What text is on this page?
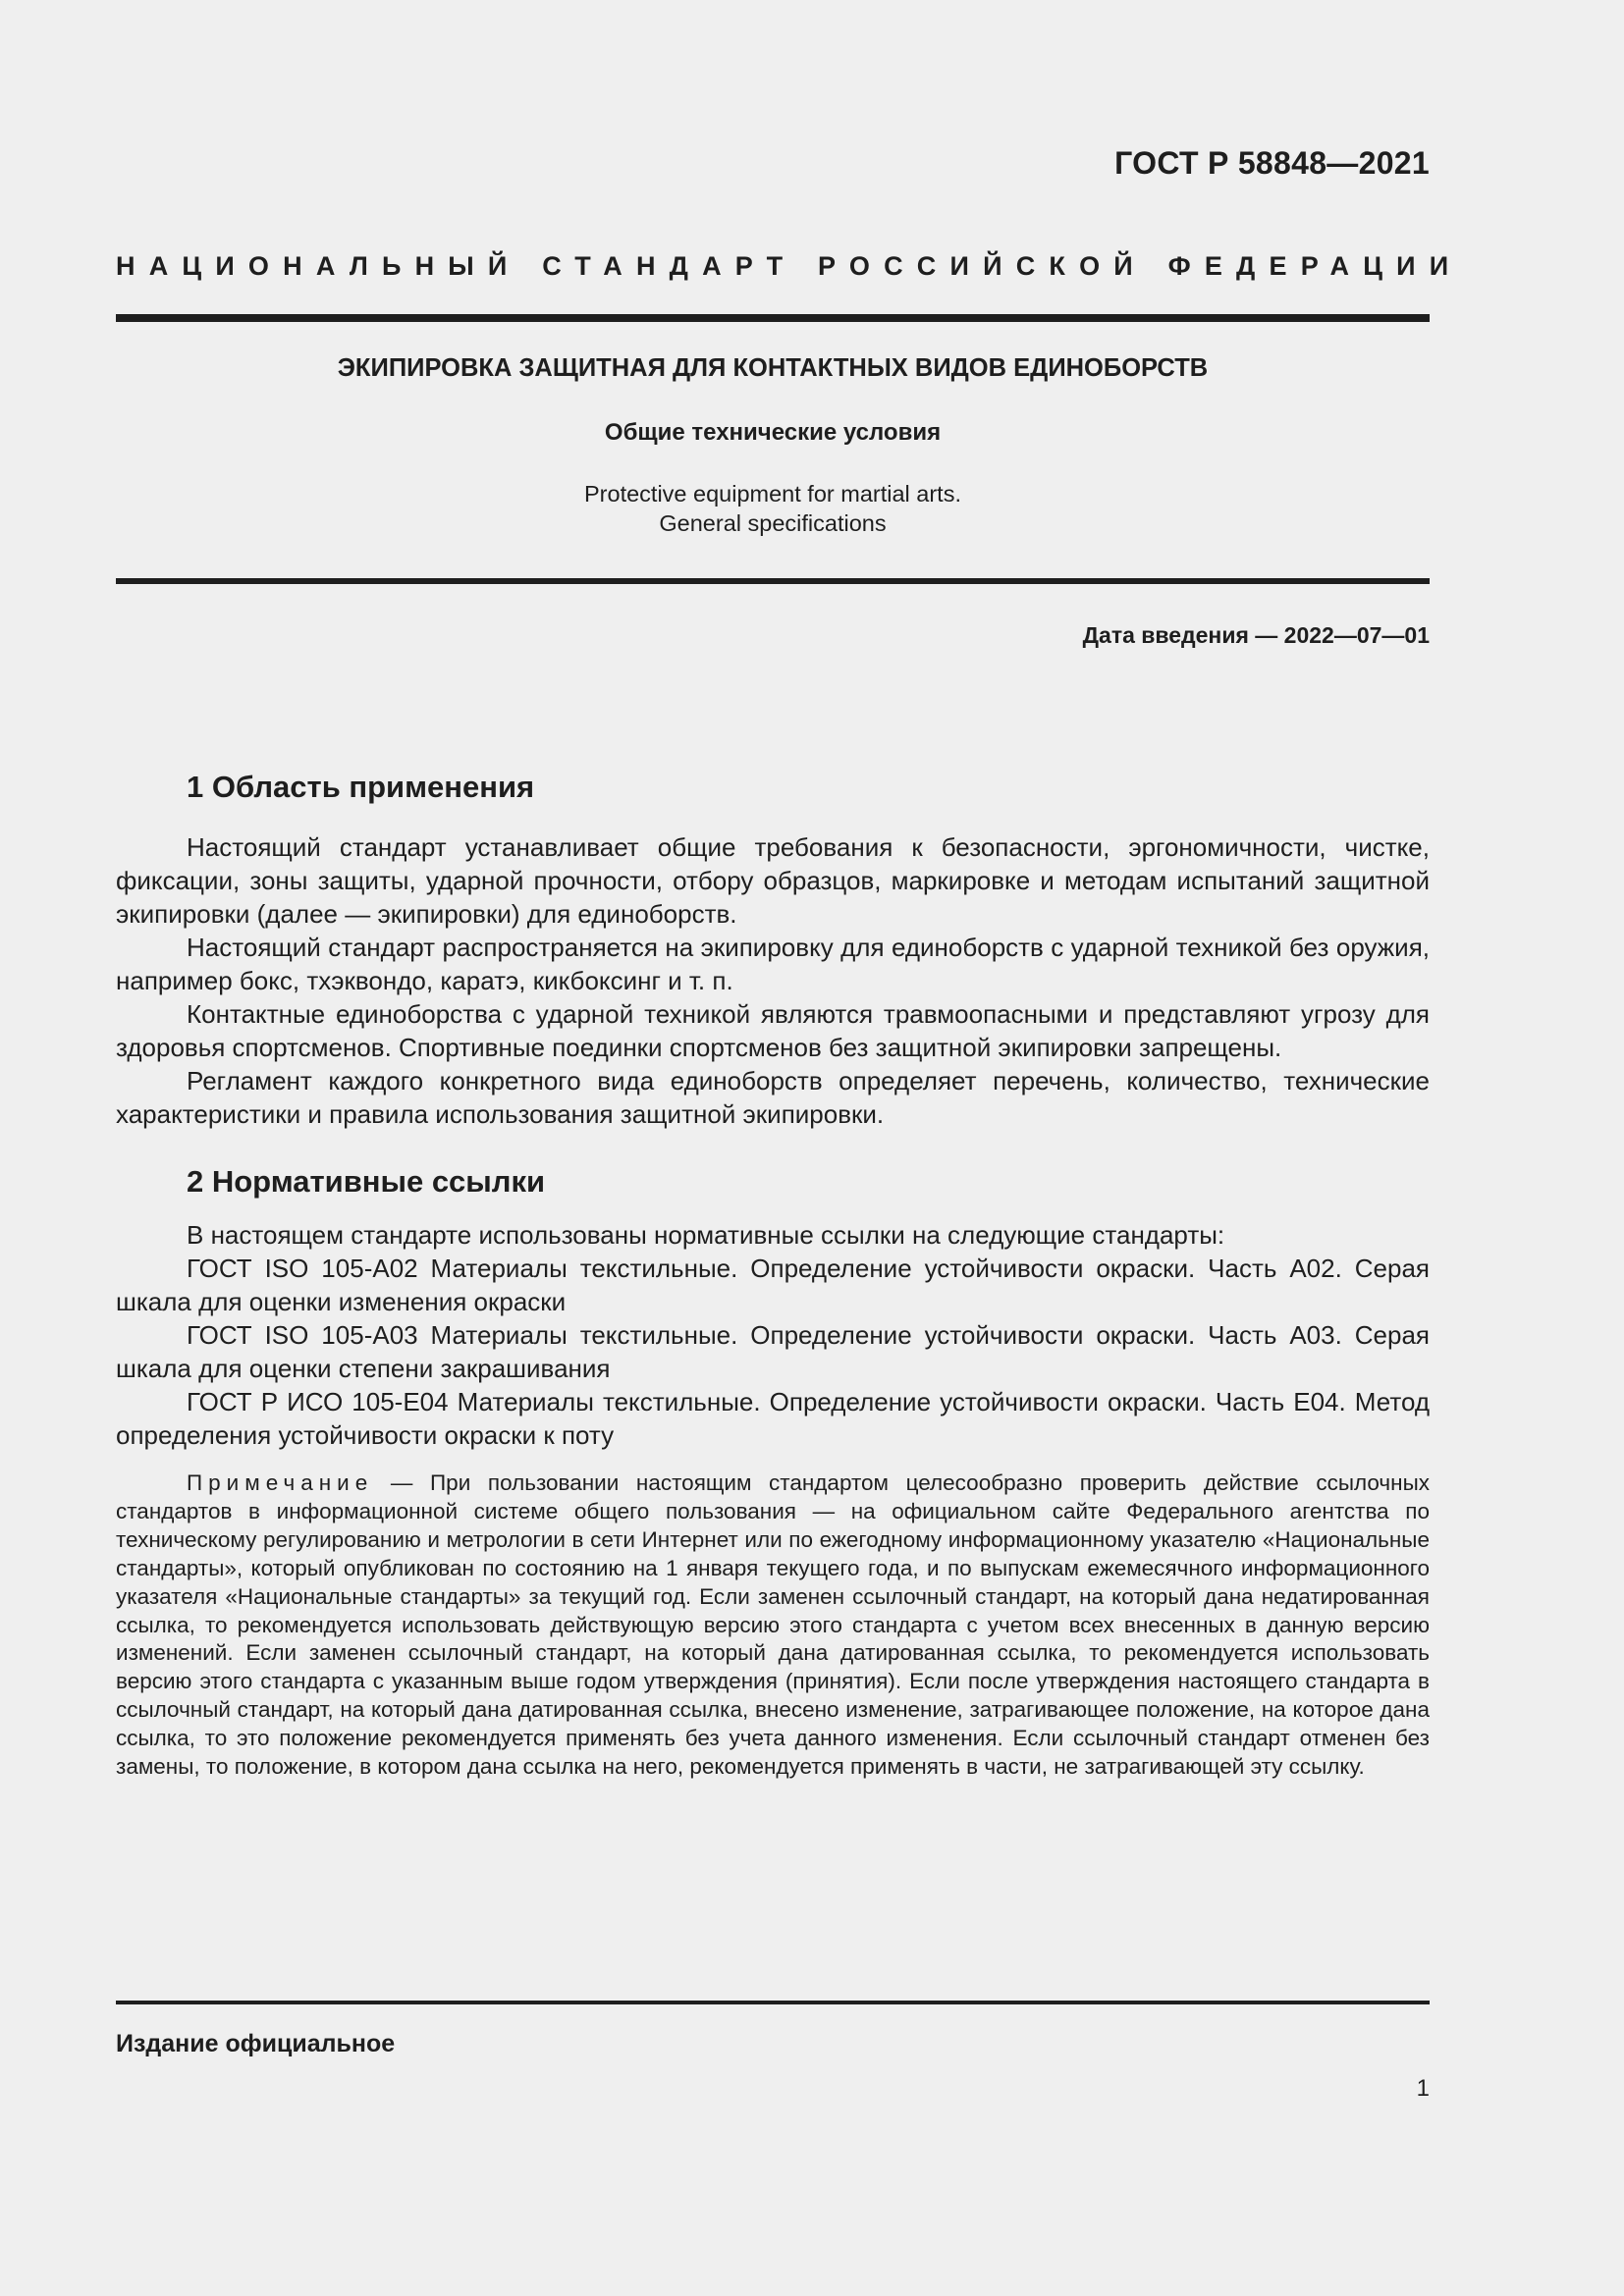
ГОСТ Р 58848—2021
НАЦИОНАЛЬНЫЙ СТАНДАРТ РОССИЙСКОЙ ФЕДЕРАЦИИ
ЭКИПИРОВКА ЗАЩИТНАЯ ДЛЯ КОНТАКТНЫХ ВИДОВ ЕДИНОБОРСТВ
Общие технические условия
Protective equipment for martial arts.
General specifications
Дата введения — 2022—07—01
1 Область применения

Настоящий стандарт устанавливает общие требования к безопасности, эргономичности, чистке, фиксации, зоны защиты, ударной прочности, отбору образцов, маркировке и методам испытаний защитной экипировки (далее — экипировки) для единоборств.

Настоящий стандарт распространяется на экипировку для единоборств с ударной техникой без оружия, например бокс, тхэквондо, каратэ, кикбоксинг и т. п.

Контактные единоборства с ударной техникой являются травмоопасными и представляют угрозу для здоровья спортсменов. Спортивные поединки спортсменов без защитной экипировки запрещены.

Регламент каждого конкретного вида единоборств определяет перечень, количество, технические характеристики и правила использования защитной экипировки.

2 Нормативные ссылки

В настоящем стандарте использованы нормативные ссылки на следующие стандарты:

ГОСТ ISO 105-A02 Материалы текстильные. Определение устойчивости окраски. Часть А02. Серая шкала для оценки изменения окраски

ГОСТ ISO 105-A03 Материалы текстильные. Определение устойчивости окраски. Часть А03. Серая шкала для оценки степени закрашивания

ГОСТ Р ИСО 105-E04 Материалы текстильные. Определение устойчивости окраски. Часть Е04. Метод определения устойчивости окраски к поту

Примечание — При пользовании настоящим стандартом целесообразно проверить действие ссылочных стандартов в информационной системе общего пользования — на официальном сайте Федерального агентства по техническому регулированию и метрологии в сети Интернет или по ежегодному информационному указателю «Национальные стандарты», который опубликован по состоянию на 1 января текущего года, и по выпускам ежемесячного информационного указателя «Национальные стандарты» за текущий год. Если заменен ссылочный стандарт, на который дана недатированная ссылка, то рекомендуется использовать действующую версию этого стандарта с учетом всех внесенных в данную версию изменений. Если заменен ссылочный стандарт, на который дана датированная ссылка, то рекомендуется использовать версию этого стандарта с указанным выше годом утверждения (принятия). Если после утверждения настоящего стандарта в ссылочный стандарт, на который дана датированная ссылка, внесено изменение, затрагивающее положение, на которое дана ссылка, то это положение рекомендуется применять без учета данного изменения. Если ссылочный стандарт отменен без замены, то положение, в котором дана ссылка на него, рекомендуется применять в части, не затрагивающей эту ссылку.
Издание официальное
1
